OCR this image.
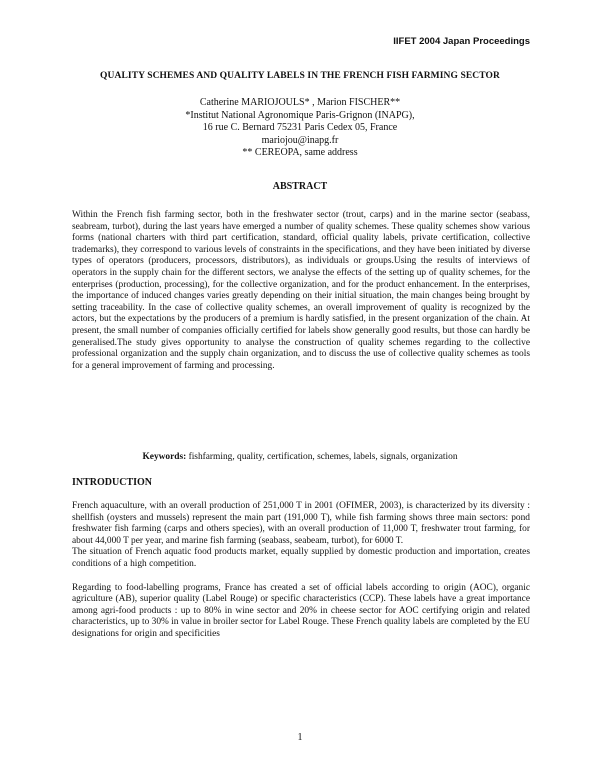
IIFET 2004 Japan Proceedings
QUALITY SCHEMES AND QUALITY LABELS IN THE FRENCH FISH FARMING SECTOR
Catherine MARIOJOULS* , Marion FISCHER**
*Institut National Agronomique Paris-Grignon (INAPG),
16 rue C. Bernard 75231 Paris Cedex 05, France
mariojou@inapg.fr
** CEREOPA, same address
ABSTRACT
Within the French fish farming sector, both in the freshwater sector (trout, carps) and in the marine sector (seabass, seabream, turbot), during the last years have emerged a number of quality schemes. These quality schemes show various forms (national charters with third part certification, standard, official quality labels, private certification, collective trademarks), they correspond to various levels of constraints in the specifications, and they have been initiated by diverse types of operators (producers, processors, distributors), as individuals or groups.Using the results of interviews of operators in the supply chain for the different sectors, we analyse the effects of the setting up of quality schemes, for the enterprises (production, processing), for the collective organization, and for the product enhancement. In the enterprises, the importance of induced changes varies greatly depending on their initial situation, the main changes being brought by setting traceability. In the case of collective quality schemes, an overall improvement of quality is recognized by the actors, but the expectations by the producers of a premium is hardly satisfied, in the present organization of the chain. At present, the small number of companies officially certified for labels show generally good results, but those can hardly be generalised.The study gives opportunity to analyse the construction of quality schemes regarding to the collective professional organization and the supply chain organization, and to discuss the use of collective quality schemes as tools for a general improvement of farming and processing.
Keywords: fishfarming, quality, certification, schemes, labels, signals, organization
INTRODUCTION

French aquaculture, with an overall production of 251,000 T in 2001 (OFIMER, 2003), is characterized by its diversity : shellfish (oysters and mussels) represent the main part (191,000 T), while fish farming shows three main sectors: pond freshwater fish farming (carps and others species), with an overall production of 11,000 T, freshwater trout farming, for about 44,000 T per year, and marine fish farming (seabass, seabeam, turbot), for 6000 T.

The situation of French aquatic food products market, equally supplied by domestic production and importation, creates conditions of a high competition.

Regarding to food-labelling programs, France has created a set of official labels according to origin (AOC), organic agriculture (AB), superior quality (Label Rouge) or specific characteristics (CCP). These labels have a great importance among agri-food products : up to 80% in wine sector and 20% in cheese sector for AOC certifying origin and related characteristics, up to 30% in value in broiler sector for Label Rouge. These French quality labels are completed by the EU designations for origin and specificities

1
